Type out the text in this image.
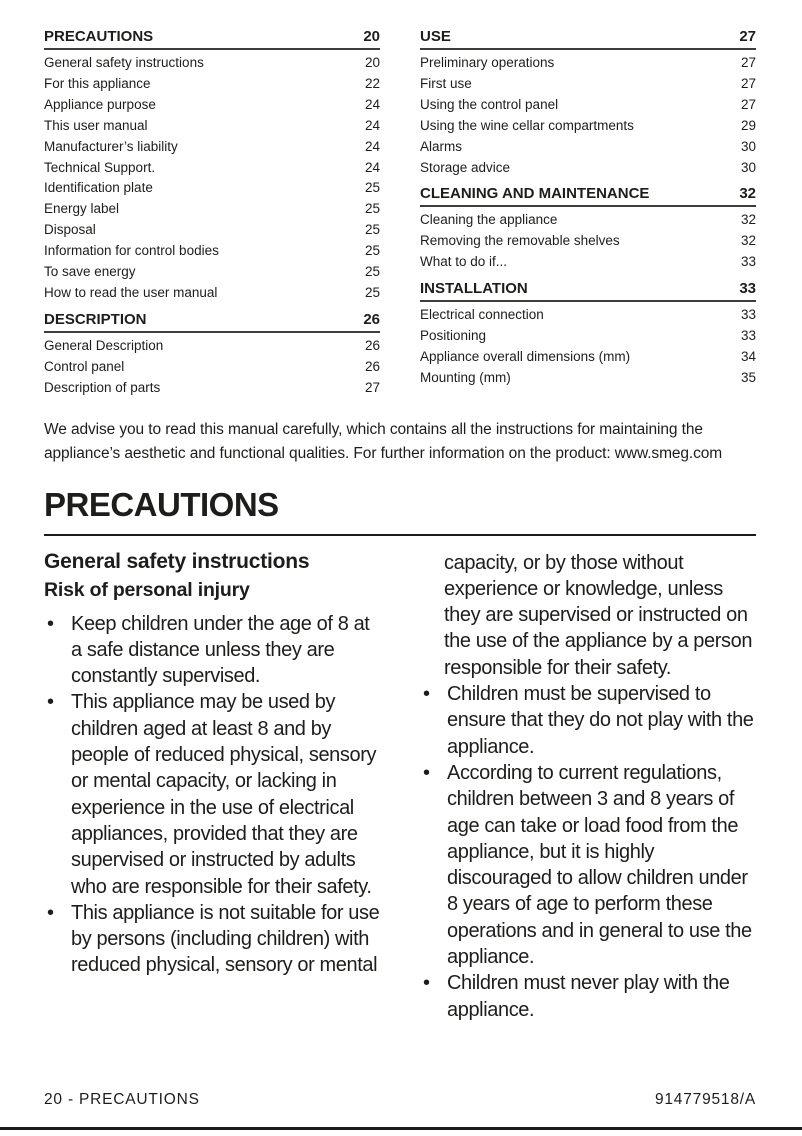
PRECAUTIONS	20
General safety instructions	20
For this appliance	22
Appliance purpose	24
This user manual	24
Manufacturer’s liability	24
Technical Support.	24
Identification plate	25
Energy label	25
Disposal	25
Information for control bodies	25
To save energy	25
How to read the user manual	25
DESCRIPTION	26
General Description	26
Control panel	26
Description of parts	27
USE	27
Preliminary operations	27
First use	27
Using the control panel	27
Using the wine cellar compartments	29
Alarms	30
Storage advice	30
CLEANING AND MAINTENANCE	32
Cleaning the appliance	32
Removing the removable shelves	32
What to do if...	33
INSTALLATION	33
Electrical connection	33
Positioning	33
Appliance overall dimensions (mm)	34
Mounting (mm)	35

We advise you to read this manual carefully, which contains all the instructions for maintaining the appliance’s aesthetic and functional qualities. For further information on the product: www.smeg.com

PRECAUTIONS
General safety instructions
Risk of personal injury
• Keep children under the age of 8 at a safe distance unless they are constantly supervised.
• This appliance may be used by children aged at least 8 and by people of reduced physical, sensory or mental capacity, or lacking in experience in the use of electrical appliances, provided that they are supervised or instructed by adults who are responsible for their safety.
• This appliance is not suitable for use by persons (including children) with reduced physical, sensory or mental

capacity, or by those without experience or knowledge, unless they are supervised or instructed on the use of the appliance by a person responsible for their safety.

• Children must be supervised to ensure that they do not play with the appliance.
• According to current regulations, children between 3 and 8 years of age can take or load food from the appliance, but it is highly discouraged to allow children under 8 years of age to perform these operations and in general to use the appliance.
• Children must never play with the appliance.
20 - PRECAUTIONS	914779518/A
